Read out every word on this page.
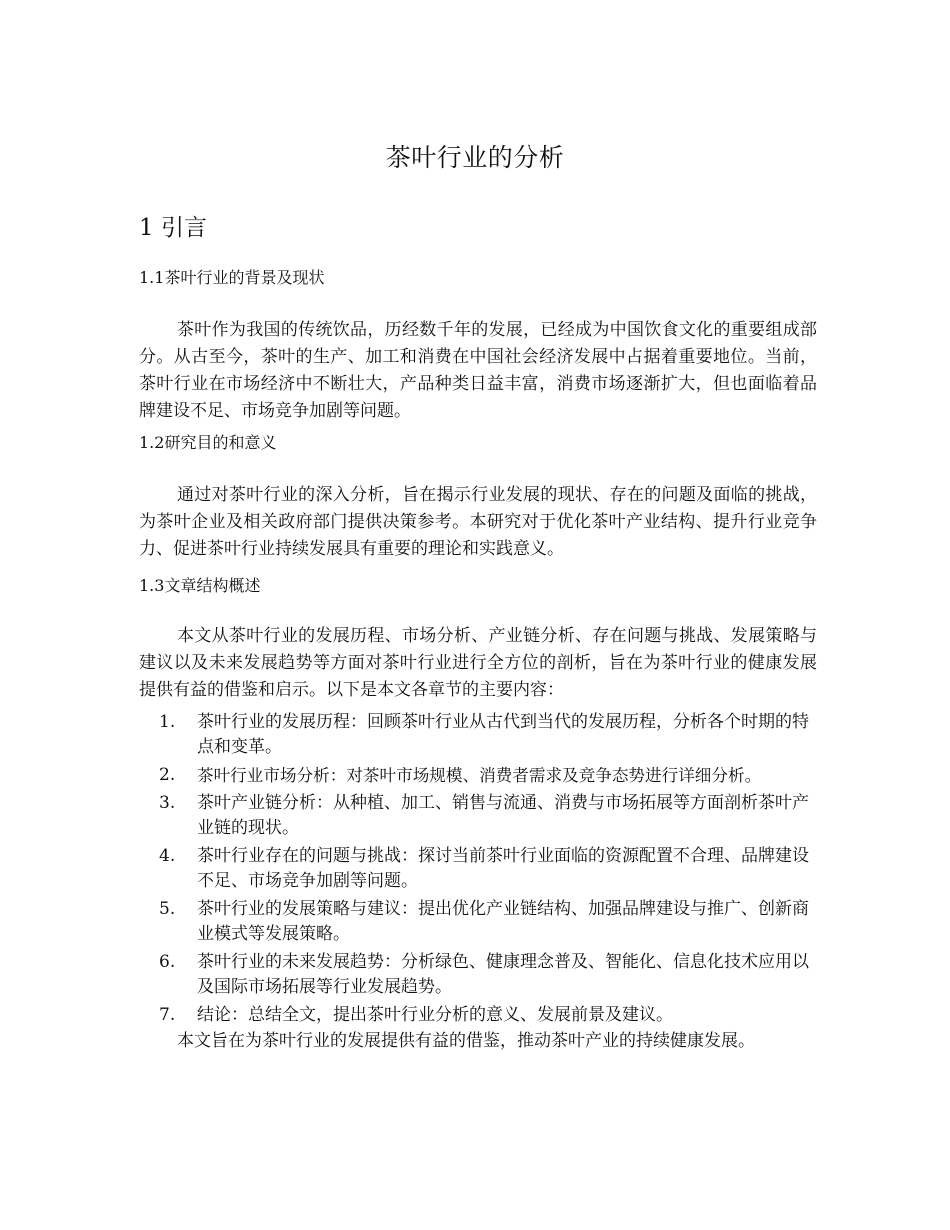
茶叶行业的分析
1 引言
1.1茶叶行业的背景及现状

茶叶作为我国的传统饮品，历经数千年的发展，已经成为中国饮食文化的重要组成部分。从古至今，茶叶的生产、加工和消费在中国社会经济发展中占据着重要地位。当前，茶叶行业在市场经济中不断壮大，产品种类日益丰富，消费市场逐渐扩大，但也面临着品牌建设不足、市场竞争加剧等问题。

1.2研究目的和意义

通过对茶叶行业的深入分析，旨在揭示行业发展的现状、存在的问题及面临的挑战，为茶叶企业及相关政府部门提供决策参考。本研究对于优化茶叶产业结构、提升行业竞争力、促进茶叶行业持续发展具有重要的理论和实践意义。

1.3文章结构概述

本文从茶叶行业的发展历程、市场分析、产业链分析、存在问题与挑战、发展策略与建议以及未来发展趋势等方面对茶叶行业进行全方位的剖析，旨在为茶叶行业的健康发展提供有益的借鉴和启示。以下是本文各章节的主要内容：

1. 茶叶行业的发展历程：回顾茶叶行业从古代到当代的发展历程，分析各个时期的特点和变革。
2. 茶叶行业市场分析：对茶叶市场规模、消费者需求及竞争态势进行详细分析。
3. 茶叶产业链分析：从种植、加工、销售与流通、消费与市场拓展等方面剖析茶叶产业链的现状。
4. 茶叶行业存在的问题与挑战：探讨当前茶叶行业面临的资源配置不合理、品牌建设不足、市场竞争加剧等问题。
5. 茶叶行业的发展策略与建议：提出优化产业链结构、加强品牌建设与推广、创新商业模式等发展策略。
6. 茶叶行业的未来发展趋势：分析绿色、健康理念普及、智能化、信息化技术应用以及国际市场拓展等行业发展趋势。
7. 结论：总结全文，提出茶叶行业分析的意义、发展前景及建议。

本文旨在为茶叶行业的发展提供有益的借鉴，推动茶叶产业的持续健康发展。
